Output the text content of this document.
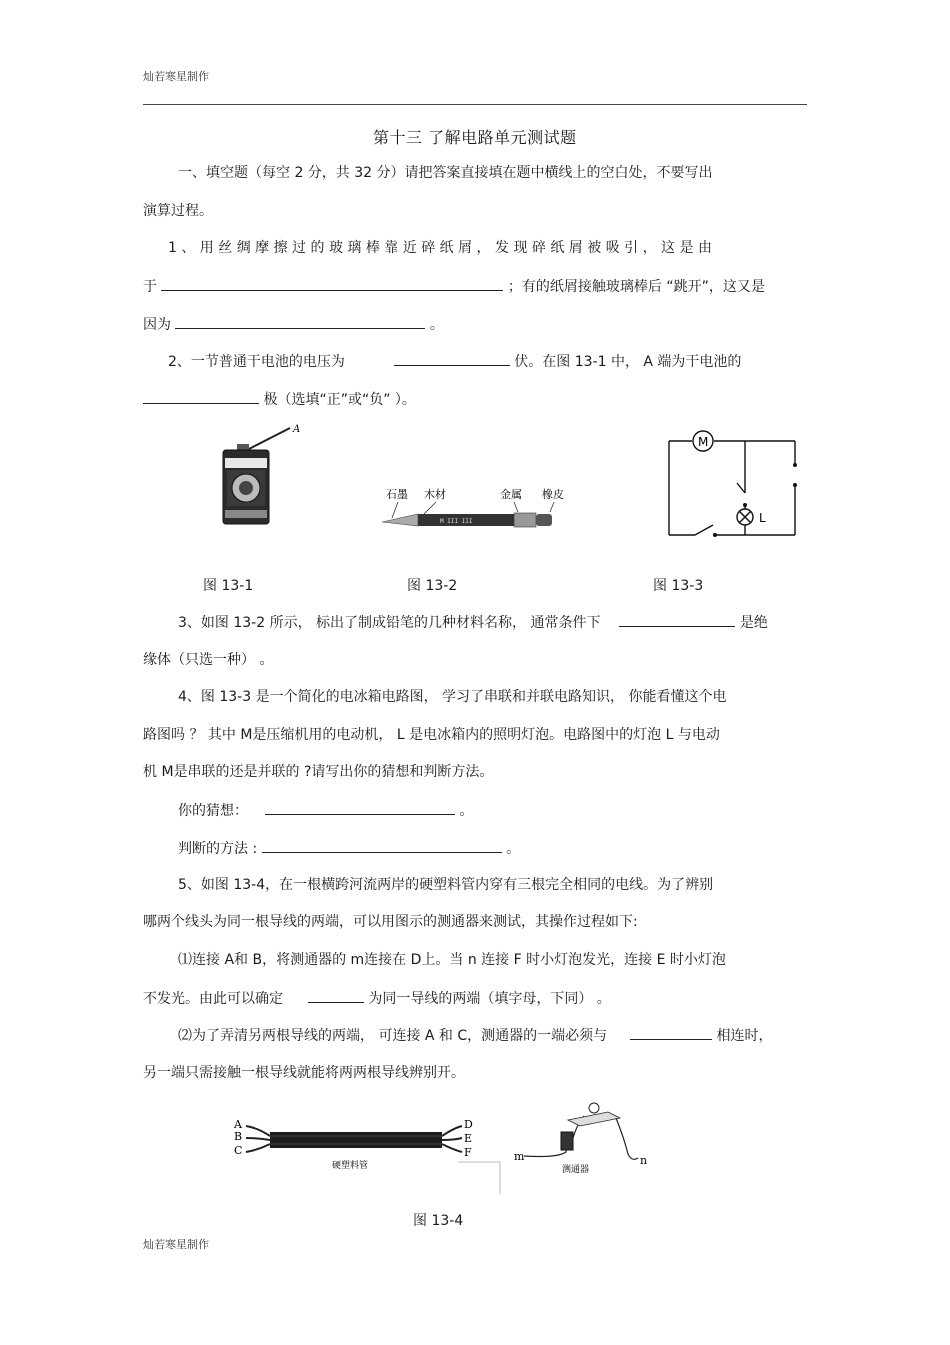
灿若寒星制作
第十三 了解电路单元测试题
一、填空题（每空 2 分，共 32 分）请把答案直接填在题中横线上的空白处，不要写出
演算过程。
1 、 用 丝 绸 摩 擦 过 的 玻 璃 棒 靠 近 碎 纸 屑 ， 发 现 碎 纸 屑 被 吸 引 ， 这 是 由
于	；有的纸屑接触玻璃棒后 “跳开”，这又是
因为	。
2、一节普通干电池的电压为	伏。在图 13-1 中， A 端为干电池的
极（选填“正”或“负” ）。
A
石墨 木材	金属 橡皮
M III III
M
L
图 13-1	图 13-2	图 13-3
3、如图 13-2 所示， 标出了制成铅笔的几种材料名称， 通常条件下	是绝
缘体（只选一种） 。
4、图 13-3 是一个简化的电冰箱电路图， 学习了串联和并联电路知识， 你能看懂这个电
路图吗 ？ 其中 M是压缩机用的电动机， L 是电冰箱内的照明灯泡。电路图中的灯泡 L 与电动
机 M是串联的还是并联的 ?请写出你的猜想和判断方法。
你的猜想：	。
判断的方法 :	。
5、如图 13-4，在一根横跨河流两岸的硬塑料管内穿有三根完全相同的电线。为了辨别
哪两个线头为同一根导线的两端，可以用图示的测通器来测试，其操作过程如下:
⑴连接 A和 B，将测通器的 m连接在 D上。当 n 连接 F 时小灯泡发光，连接 E 时小灯泡
不发光。由此可以确定	为同一导线的两端（填字母，下同） 。
⑵为了弄清另两根导线的两端， 可连接 A 和 C，测通器的一端必须与	相连时，
另一端只需接触一根导线就能将两两根导线辨别开。
A
B
C
D
E
F
硬塑料管
m	n
测通器
图 13-4
灿若寒星制作
